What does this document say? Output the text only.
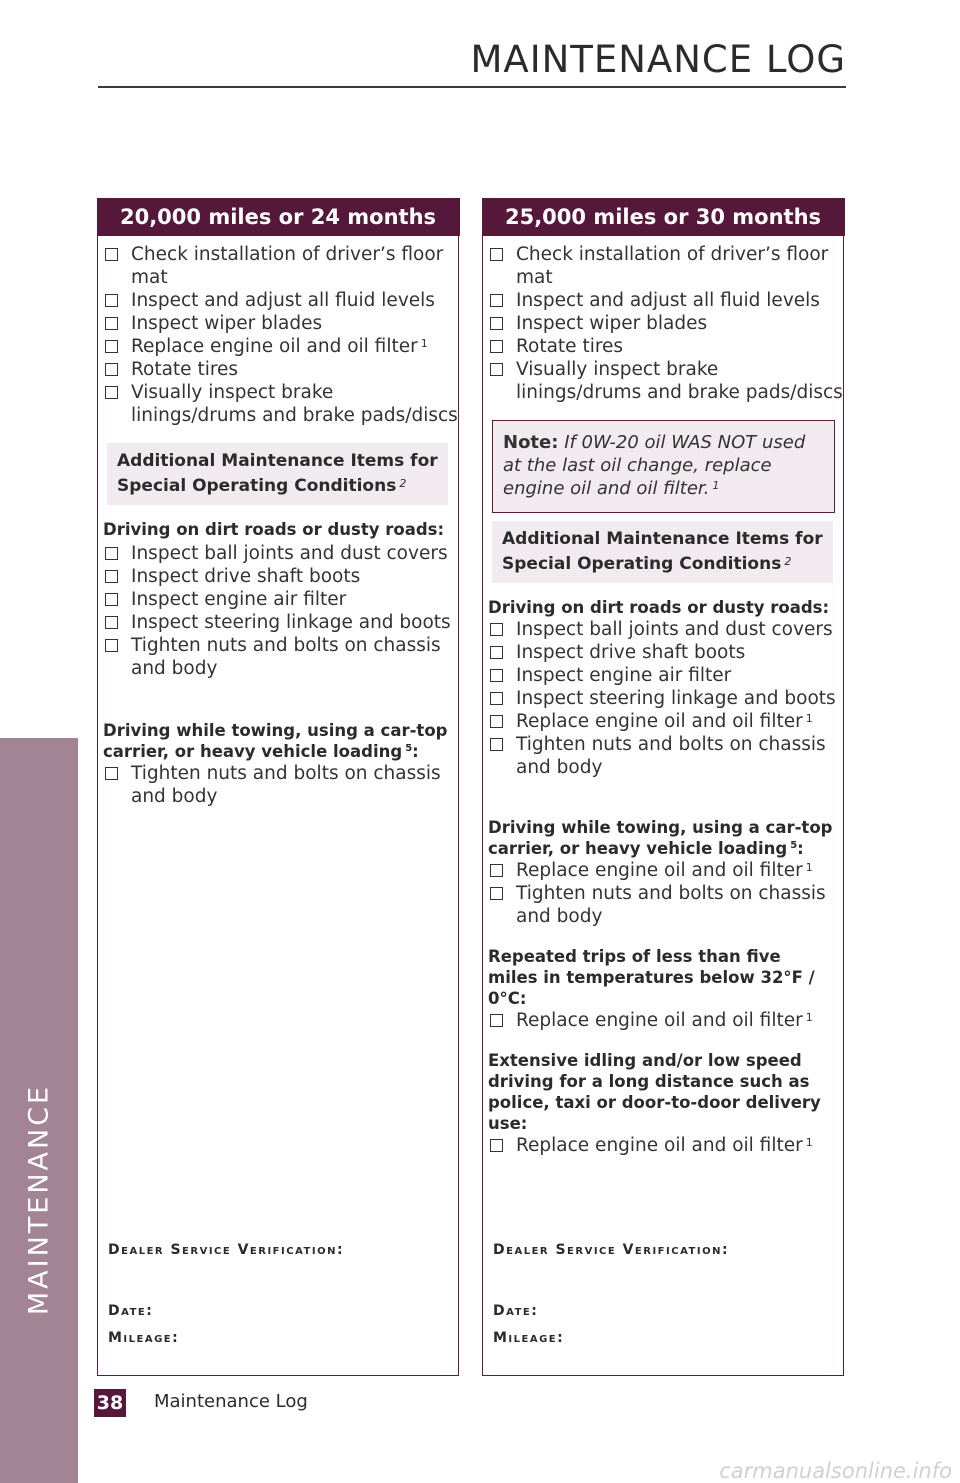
MAINTENANCE LOG
MAINTENANCE
20,000 miles or 24 months
Check installation of driver’s floor mat
Inspect and adjust all fluid levels
Inspect wiper blades
Replace engine oil and oil filter $^1$
Rotate tires
Visually inspect brake linings/drums and brake pads/discs
Additional Maintenance Items for
Special Operating Conditions $^2$
Driving on dirt roads or dusty roads:
Inspect ball joints and dust covers
Inspect drive shaft boots
Inspect engine air filter
Inspect steering linkage and boots
Tighten nuts and bolts on chassis and body
Driving while towing, using a car-top carrier, or heavy vehicle loading $^5$:
Tighten nuts and bolts on chassis and body
Dealer Service Verification:
Date:
Mileage:
25,000 miles or 30 months
Check installation of driver’s floor mat
Inspect and adjust all fluid levels
Inspect wiper blades
Rotate tires
Visually inspect brake linings/drums and brake pads/discs
Note: If 0W-20 oil WAS NOT used at the last oil change, replace engine oil and oil filter. $^1$
Additional Maintenance Items for
Special Operating Conditions $^2$
Driving on dirt roads or dusty roads:
Inspect ball joints and dust covers
Inspect drive shaft boots
Inspect engine air filter
Inspect steering linkage and boots
Replace engine oil and oil filter $^1$
Tighten nuts and bolts on chassis and body
Driving while towing, using a car-top carrier, or heavy vehicle loading $^5$:
Replace engine oil and oil filter $^1$
Tighten nuts and bolts on chassis and body
Repeated trips of less than five miles in temperatures below 32°F / 0°C:
Replace engine oil and oil filter $^1$
Extensive idling and/or low speed driving for a long distance such as police, taxi or door-to-door delivery use:
Replace engine oil and oil filter $^1$
Dealer Service Verification:
Date:
Mileage:
38 Maintenance Log
carmanualsonline.info
